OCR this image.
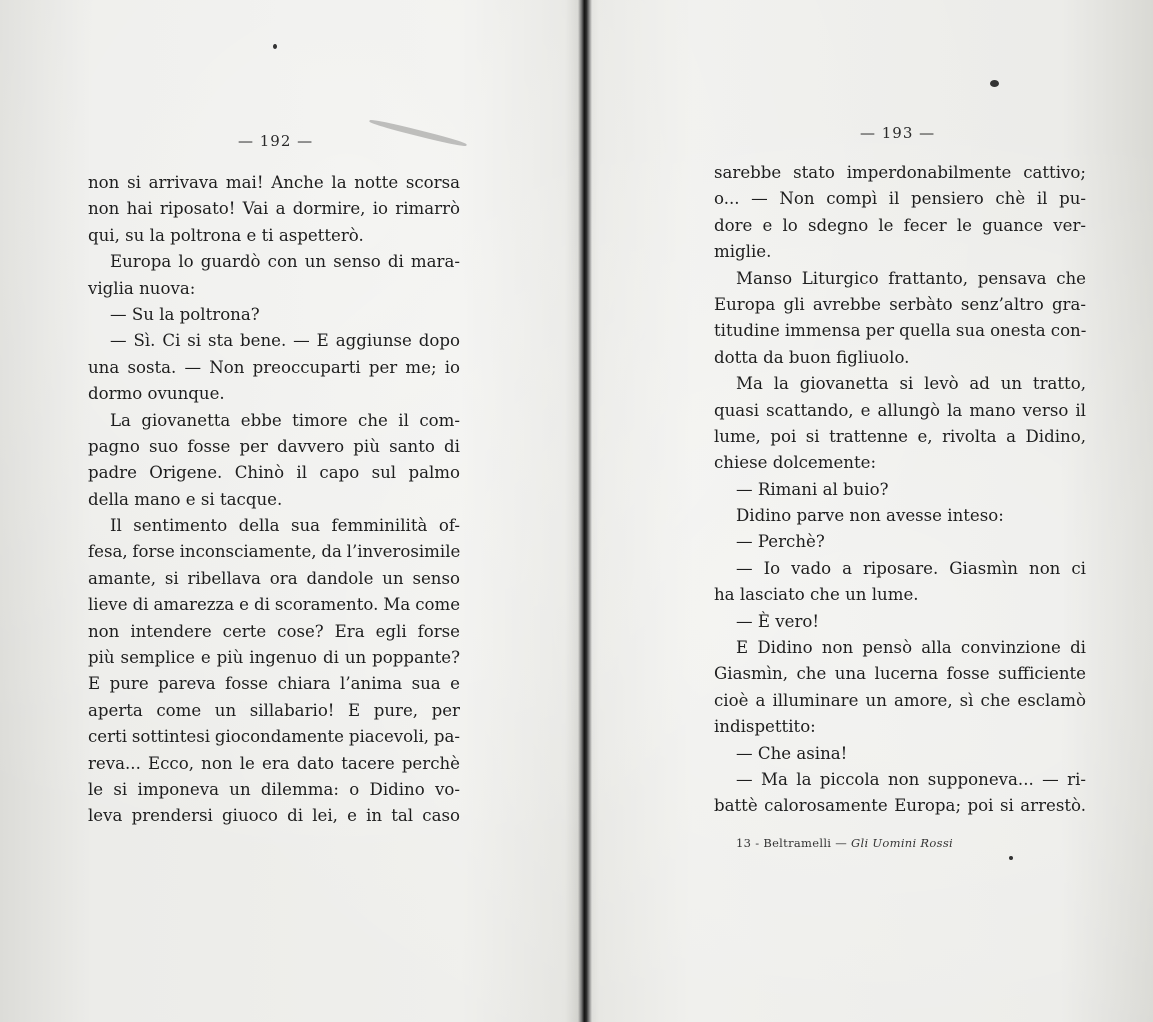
— 192 —
non si arrivava mai! Anche la notte scorsa
non hai riposato! Vai a dormire, io rimarrò
qui, su la poltrona e ti aspetterò.
Europa lo guardò con un senso di mara-
viglia nuova:
— Su la poltrona?
— Sì. Ci si sta bene. — E aggiunse dopo
una sosta. — Non preoccuparti per me; io
dormo ovunque.
La giovanetta ebbe timore che il com-
pagno suo fosse per davvero più santo di
padre Origene. Chinò il capo sul palmo
della mano e si tacque.
Il sentimento della sua femminilità of-
fesa, forse inconsciamente, da l’inverosimile
amante, si ribellava ora dandole un senso
lieve di amarezza e di scoramento. Ma come
non intendere certe cose? Era egli forse
più semplice e più ingenuo di un poppante?
E pure pareva fosse chiara l’anima sua e
aperta come un sillabario! E pure, per
certi sottintesi giocondamente piacevoli, pa-
reva... Ecco, non le era dato tacere perchè
le si imponeva un dilemma: o Didino vo-
leva prendersi giuoco di lei, e in tal caso
— 193 —
sarebbe stato imperdonabilmente cattivo;
o... — Non compì il pensiero chè il pu-
dore e lo sdegno le fecer le guance ver-
miglie.
Manso Liturgico frattanto, pensava che
Europa gli avrebbe serbàto senz’altro gra-
titudine immensa per quella sua onesta con-
dotta da buon figliuolo.
Ma la giovanetta si levò ad un tratto,
quasi scattando, e allungò la mano verso il
lume, poi si trattenne e, rivolta a Didino,
chiese dolcemente:
— Rimani al buio?
Didino parve non avesse inteso:
— Perchè?
— Io vado a riposare. Giasmìn non ci
ha lasciato che un lume.
— È vero!
E Didino non pensò alla convinzione di
Giasmìn, che una lucerna fosse sufficiente
cioè a illuminare un amore, sì che esclamò
indispettito:
— Che asina!
— Ma la piccola non supponeva... — ri-
battè calorosamente Europa; poi si arrestò.
13 - Beltramelli — Gli Uomini Rossi
